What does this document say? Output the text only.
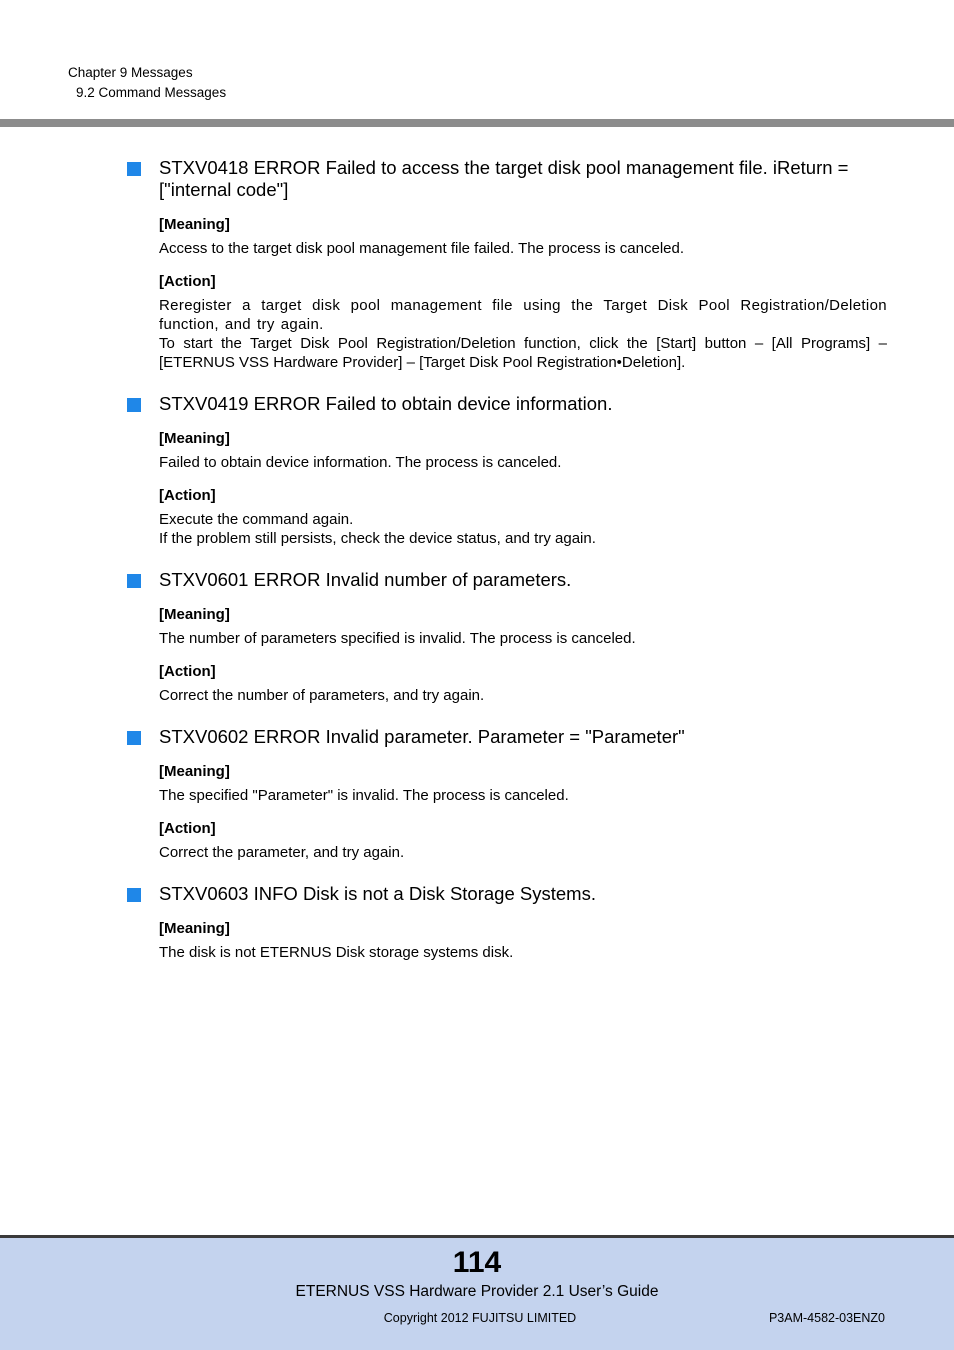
Chapter 9 Messages
9.2 Command Messages
STXV0418 ERROR Failed to access the target disk pool management file. iReturn = ["internal code"]
[Meaning]
Access to the target disk pool management file failed. The process is canceled.
[Action]

Reregister a target disk pool management file using the Target Disk Pool Registration/Deletion function, and try again.

To start the Target Disk Pool Registration/Deletion function, click the [Start] button – [All Programs] – [ETERNUS VSS Hardware Provider] – [Target Disk Pool Registration•Deletion].

STXV0419 ERROR Failed to obtain device information.
[Meaning]
Failed to obtain device information. The process is canceled.
[Action]

Execute the command again.

If the problem still persists, check the device status, and try again.

STXV0601 ERROR Invalid number of parameters.
[Meaning]
The number of parameters specified is invalid. The process is canceled.
[Action]

Correct the number of parameters, and try again.

STXV0602 ERROR Invalid parameter. Parameter = "Parameter"
[Meaning]
The specified "Parameter" is invalid. The process is canceled.
[Action]

Correct the parameter, and try again.

STXV0603 INFO Disk is not a Disk Storage Systems.
[Meaning]
The disk is not ETERNUS Disk storage systems disk.
114
ETERNUS VSS Hardware Provider 2.1 User’s Guide
Copyright 2012 FUJITSU LIMITED	P3AM-4582-03ENZ0
